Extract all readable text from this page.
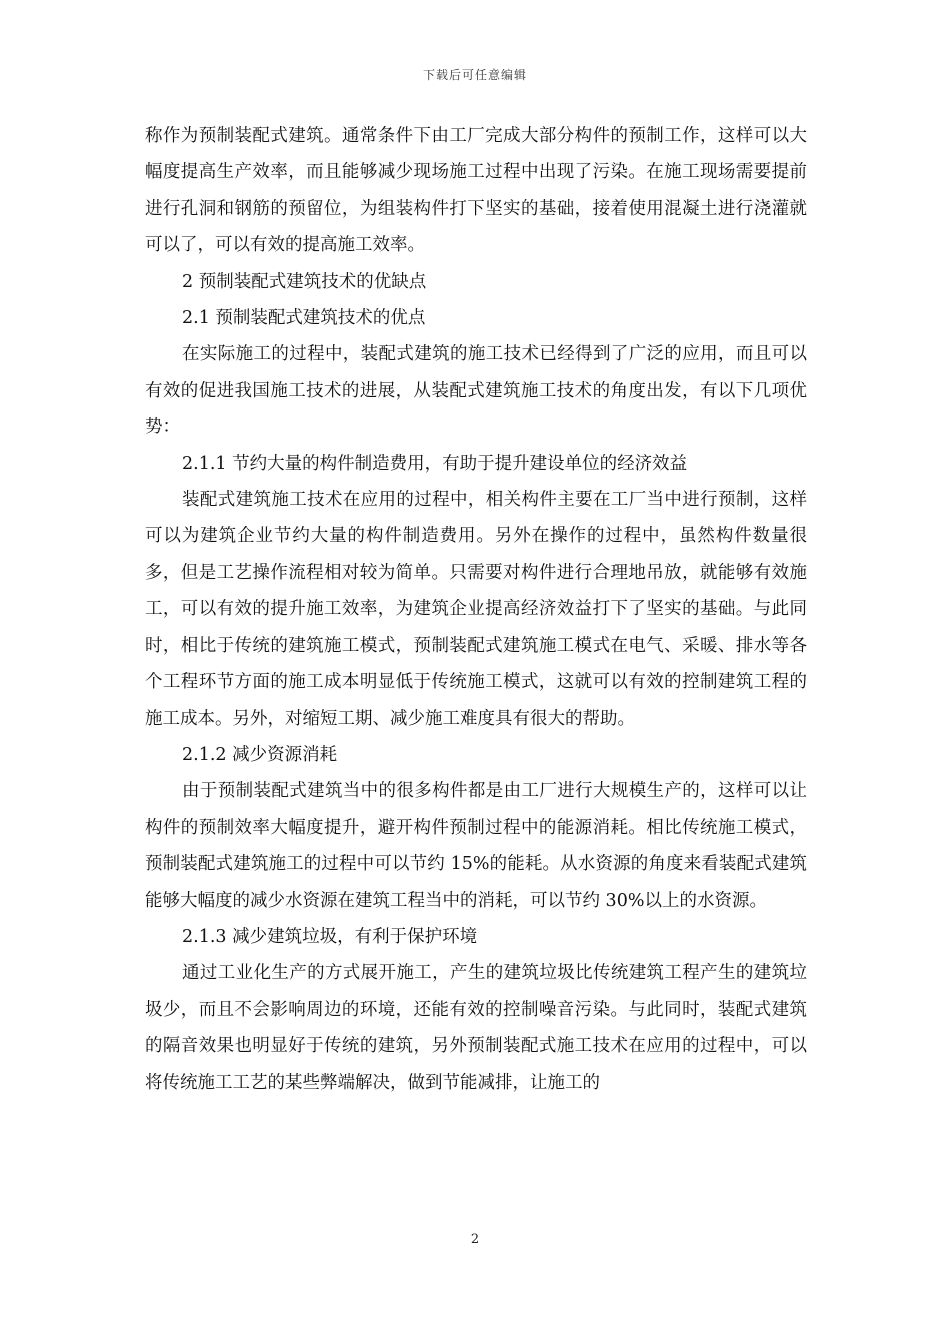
下载后可任意编辑

称作为预制装配式建筑。通常条件下由工厂完成大部分构件的预制工作，这样可以大幅度提高生产效率，而且能够减少现场施工过程中出现了污染。在施工现场需要提前进行孔洞和钢筋的预留位，为组装构件打下坚实的基础，接着使用混凝土进行浇灌就可以了，可以有效的提高施工效率。

2 预制装配式建筑技术的优缺点

2.1 预制装配式建筑技术的优点

在实际施工的过程中，装配式建筑的施工技术已经得到了广泛的应用，而且可以有效的促进我国施工技术的进展，从装配式建筑施工技术的角度出发，有以下几项优势：

2.1.1 节约大量的构件制造费用，有助于提升建设单位的经济效益

装配式建筑施工技术在应用的过程中，相关构件主要在工厂当中进行预制，这样可以为建筑企业节约大量的构件制造费用。另外在操作的过程中，虽然构件数量很多，但是工艺操作流程相对较为简单。只需要对构件进行合理地吊放，就能够有效施工，可以有效的提升施工效率，为建筑企业提高经济效益打下了坚实的基础。与此同时，相比于传统的建筑施工模式，预制装配式建筑施工模式在电气、采暖、排水等各个工程环节方面的施工成本明显低于传统施工模式，这就可以有效的控制建筑工程的施工成本。另外，对缩短工期、减少施工难度具有很大的帮助。

2.1.2 减少资源消耗

由于预制装配式建筑当中的很多构件都是由工厂进行大规模生产的，这样可以让构件的预制效率大幅度提升，避开构件预制过程中的能源消耗。相比传统施工模式，预制装配式建筑施工的过程中可以节约 15%的能耗。从水资源的角度来看装配式建筑能够大幅度的减少水资源在建筑工程当中的消耗，可以节约 30%以上的水资源。

2.1.3 减少建筑垃圾，有利于保护环境

通过工业化生产的方式展开施工，产生的建筑垃圾比传统建筑工程产生的建筑垃圾少，而且不会影响周边的环境，还能有效的控制噪音污染。与此同时，装配式建筑的隔音效果也明显好于传统的建筑，另外预制装配式施工技术在应用的过程中，可以将传统施工工艺的某些弊端解决，做到节能减排，让施工的

2
